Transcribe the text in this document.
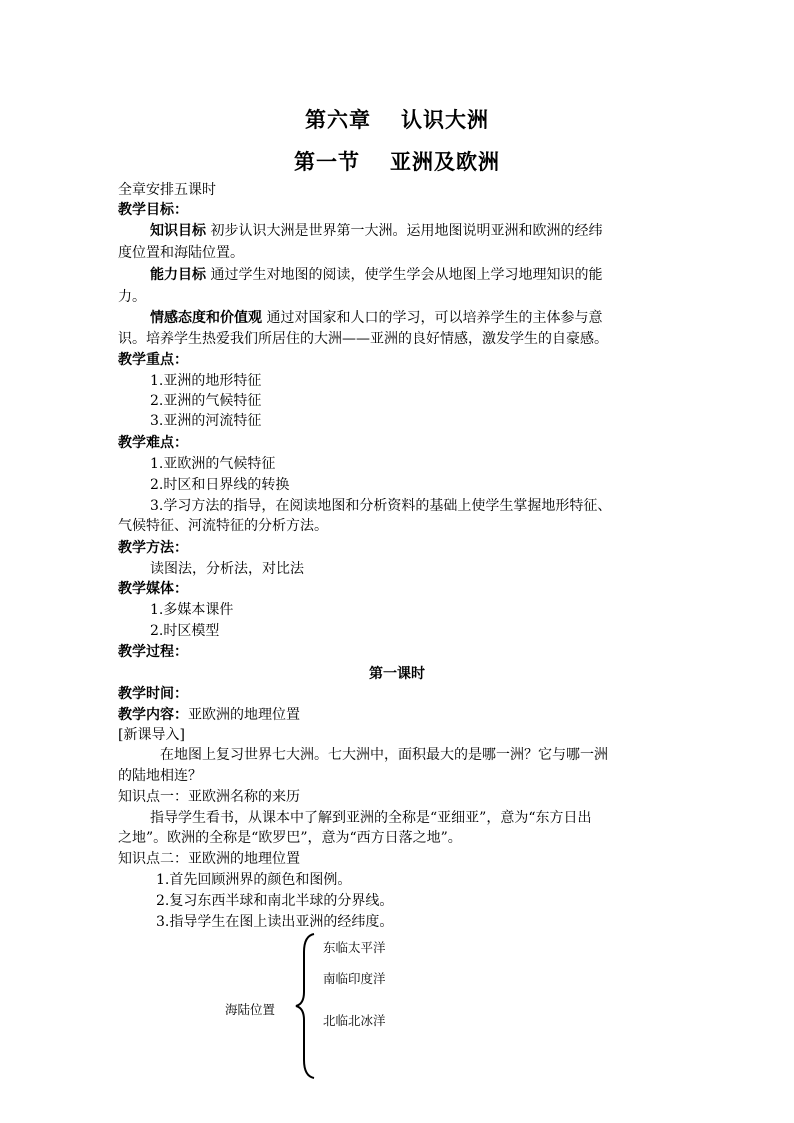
第六章 认识大洲
第一节 亚洲及欧洲
全章安排五课时
教学目标：
知识目标 初步认识大洲是世界第一大洲。运用地图说明亚洲和欧洲的经纬
度位置和海陆位置。
能力目标 通过学生对地图的阅读，使学生学会从地图上学习地理知识的能
力。
情感态度和价值观 通过对国家和人口的学习，可以培养学生的主体参与意
识。培养学生热爱我们所居住的大洲——亚洲的良好情感，激发学生的自豪感。
教学重点：
1.亚洲的地形特征
2.亚洲的气候特征
3.亚洲的河流特征
教学难点：
1.亚欧洲的气候特征
2.时区和日界线的转换
3.学习方法的指导，在阅读地图和分析资料的基础上使学生掌握地形特征、
气候特征、河流特征的分析方法。
教学方法：
读图法，分析法，对比法
教学媒体：
1.多媒本课件
2.时区模型
教学过程：
第一课时
教学时间：
教学内容：亚欧洲的地理位置
[新课导入]
在地图上复习世界七大洲。七大洲中，面积最大的是哪一洲？它与哪一洲
的陆地相连？
知识点一：亚欧洲名称的来历
指导学生看书，从课本中了解到亚洲的全称是“亚细亚”，意为“东方日出
之地”。欧洲的全称是“欧罗巴”，意为“西方日落之地”。
知识点二：亚欧洲的地理位置
1.首先回顾洲界的颜色和图例。
2.复习东西半球和南北半球的分界线。
3.指导学生在图上读出亚洲的经纬度。
海陆位置
东临太平洋
南临印度洋
北临北冰洋
